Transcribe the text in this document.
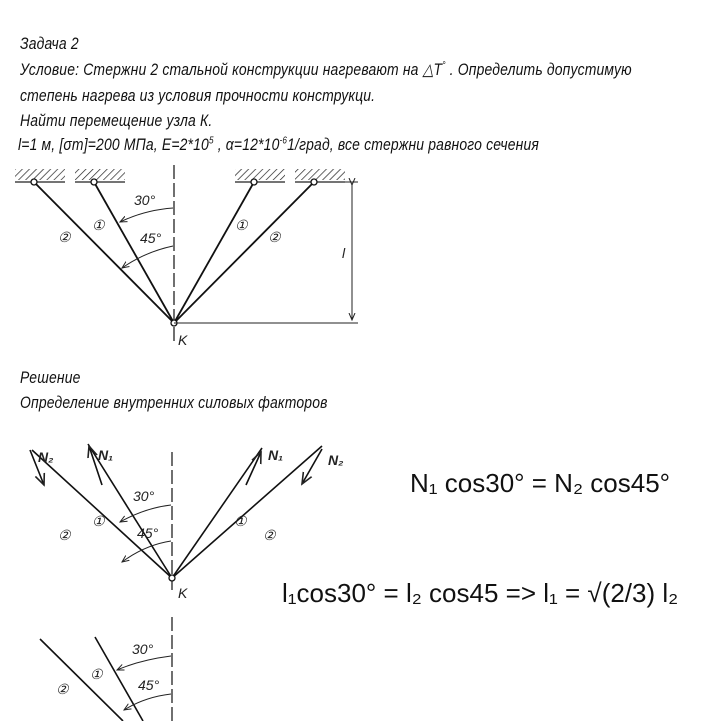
Задача 2
Условие: Стержни 2 стальной конструкции нагревают на △T° . Определить допустимую
степень нагрева из условия прочности конструкци.
Найти перемещение узла К.
l=1 м, [σт]=200 МПа, $E=2*10^5$ , $\alpha=12*10^{-6}1$/град, все стержни равного сечения
Решение
Определение внутренних силовых факторов
30°
45°
①
②
①
②
K
l
N₂	N₁	N₁	N₂
30°
45°
①
②
①
②
K
30°
45°
①
②
N₁ cos30° = N₂ cos45°
l₁cos30° = l₂ cos45 => l₁ = √(2/3) l₂
